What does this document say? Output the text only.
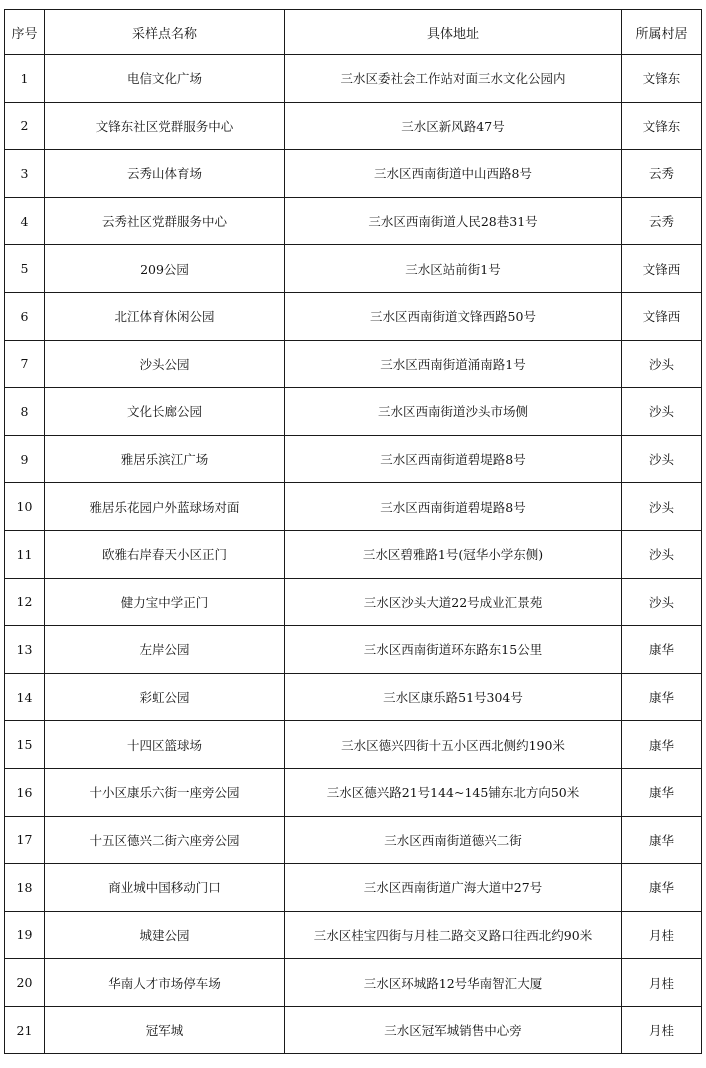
序号	采样点名称	具体地址	所属村居
1	电信文化广场	三水区委社会工作站对面三水文化公园内	文锋东
2	文锋东社区党群服务中心	三水区新风路47号	文锋东
3	云秀山体育场	三水区西南街道中山西路8号	云秀
4	云秀社区党群服务中心	三水区西南街道人民28巷31号	云秀
5	209公园	三水区站前街1号	文锋西
6	北江体育休闲公园	三水区西南街道文锋西路50号	文锋西
7	沙头公园	三水区西南街道涌南路1号	沙头
8	文化长廊公园	三水区西南街道沙头市场侧	沙头
9	雅居乐滨江广场	三水区西南街道碧堤路8号	沙头
10	雅居乐花园户外蓝球场对面	三水区西南街道碧堤路8号	沙头
11	欧雅右岸春天小区正门	三水区碧雅路1号(冠华小学东侧)	沙头
12	健力宝中学正门	三水区沙头大道22号成业汇景苑	沙头
13	左岸公园	三水区西南街道环东路东15公里	康华
14	彩虹公园	三水区康乐路51号304号	康华
15	十四区篮球场	三水区德兴四街十五小区西北侧约190米	康华
16	十小区康乐六街一座旁公园	三水区德兴路21号144~145铺东北方向50米	康华
17	十五区德兴二街六座旁公园	三水区西南街道德兴二街	康华
18	商业城中国移动门口	三水区西南街道广海大道中27号	康华
19	城建公园	三水区桂宝四街与月桂二路交叉路口往西北约90米	月桂
20	华南人才市场停车场	三水区环城路12号华南智汇大厦	月桂
21	冠军城	三水区冠军城销售中心旁	月桂
